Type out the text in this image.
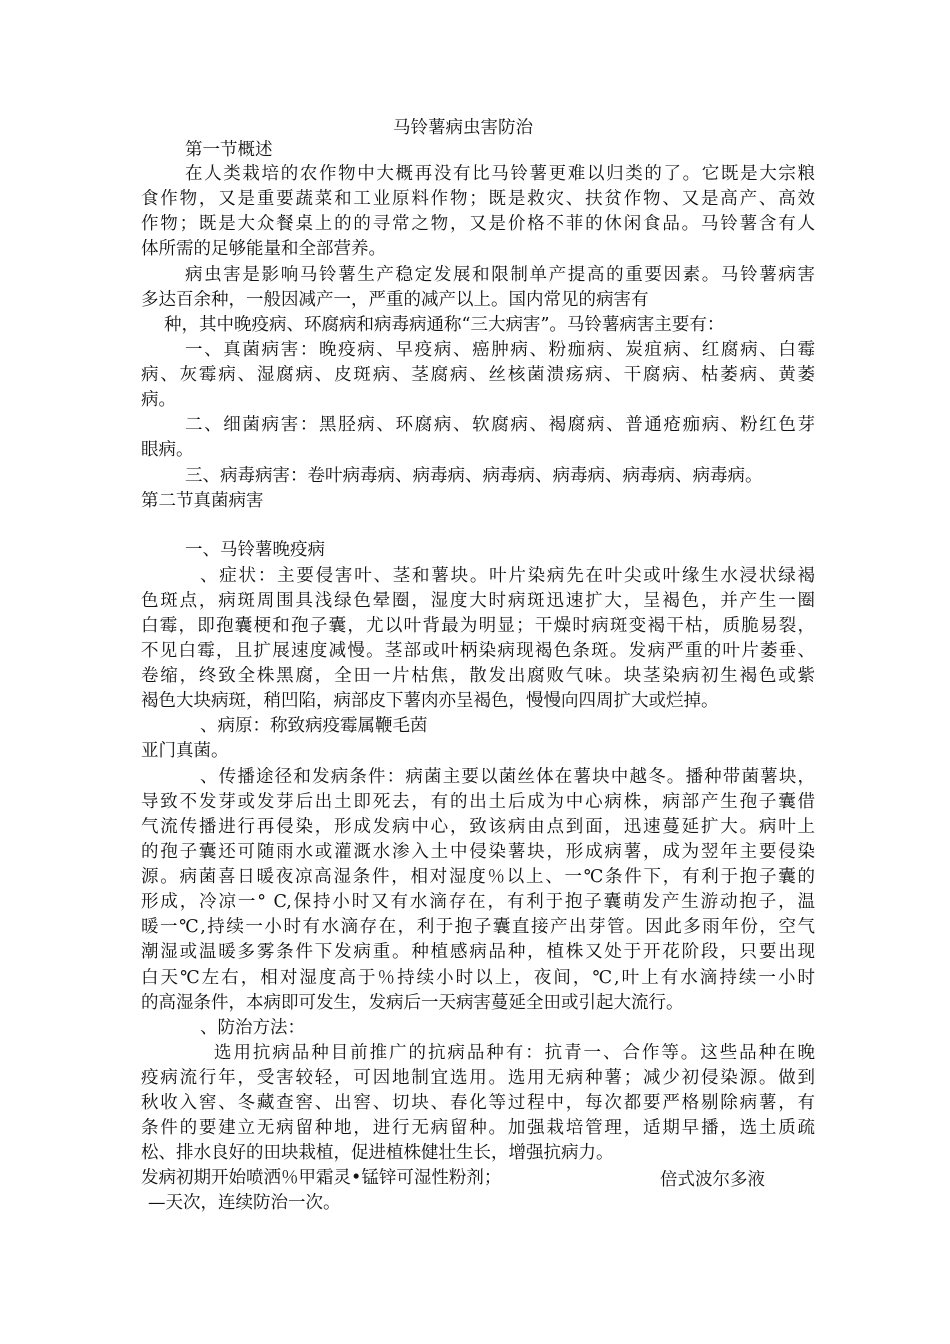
马铃薯病虫害防治
第一节概述
在人类栽培的农作物中大概再没有比马铃薯更难以归类的了。它既是大宗粮
食作物，又是重要蔬菜和工业原料作物；既是救灾、扶贫作物、又是高产、高效
作物；既是大众餐桌上的的寻常之物，又是价格不菲的休闲食品。马铃薯含有人
体所需的足够能量和全部营养。
病虫害是影响马铃薯生产稳定发展和限制单产提高的重要因素。马铃薯病害
多达百余种，一般因减产一，严重的减产以上。国内常见的病害有
种，其中晚疫病、环腐病和病毒病通称“三大病害”。马铃薯病害主要有：
一、真菌病害：晚疫病、早疫病、癌肿病、粉痂病、炭疽病、红腐病、白霉
病、灰霉病、湿腐病、皮斑病、茎腐病、丝核菌溃疡病、干腐病、枯萎病、黄萎
病。
二、细菌病害：黑胫病、环腐病、软腐病、褐腐病、普通疮痂病、粉红色芽
眼病。
三、病毒病害：卷叶病毒病、病毒病、病毒病、病毒病、病毒病、病毒病。
第二节真菌病害
一、马铃薯晚疫病
、症状：主要侵害叶、茎和薯块。叶片染病先在叶尖或叶缘生水浸状绿褐
色斑点，病斑周围具浅绿色晕圈，湿度大时病斑迅速扩大，呈褐色，并产生一圈
白霉，即孢囊梗和孢子囊，尤以叶背最为明显；干燥时病斑变褐干枯，质脆易裂，
不见白霉，且扩展速度减慢。茎部或叶柄染病现褐色条斑。发病严重的叶片萎垂、
卷缩，终致全株黑腐，全田一片枯焦，散发出腐败气味。块茎染病初生褐色或紫
褐色大块病斑，稍凹陷，病部皮下薯肉亦呈褐色，慢慢向四周扩大或烂掉。
、病原：称致病疫霉属鞭毛茵
亚门真菌。
、传播途径和发病条件：病菌主要以菌丝体在薯块中越冬。播种带菌薯块，
导致不发芽或发芽后出土即死去，有的出土后成为中心病株，病部产生孢子囊借
气流传播进行再侵染，形成发病中心，致该病由点到面，迅速蔓延扩大。病叶上
的孢子囊还可随雨水或灌溉水渗入土中侵染薯块，形成病薯，成为翌年主要侵染
源。病菌喜日暖夜凉高湿条件，相对湿度％以上、一℃条件下，有利于抱子囊的
形成，冷凉一° C,保持小时又有水滴存在，有利于抱子囊萌发产生游动抱子，温
暖一℃,持续一小时有水滴存在，利于抱子囊直接产出芽管。因此多雨年份，空气
潮湿或温暖多雾条件下发病重。种植感病品种，植株又处于开花阶段，只要出现
白天℃左右，相对湿度高于％持续小时以上，夜间，℃,叶上有水滴持续一小时
的高湿条件，本病即可发生，发病后一天病害蔓延全田或引起大流行。
、防治方法：
选用抗病品种目前推广的抗病品种有：抗青一、合作等。这些品种在晚
疫病流行年，受害较轻，可因地制宜选用。选用无病种薯；减少初侵染源。做到
秋收入窖、冬藏查窖、出窖、切块、春化等过程中，每次都要严格剔除病薯，有
条件的要建立无病留种地，进行无病留种。加强栽培管理，适期早播，选土质疏
松、排水良好的田块栽植，促进植株健壮生长，增强抗病力。
发病初期开始喷洒％甲霜灵•锰锌可湿性粉剂；	倍式波尔多液
—天次，连续防治一次。
